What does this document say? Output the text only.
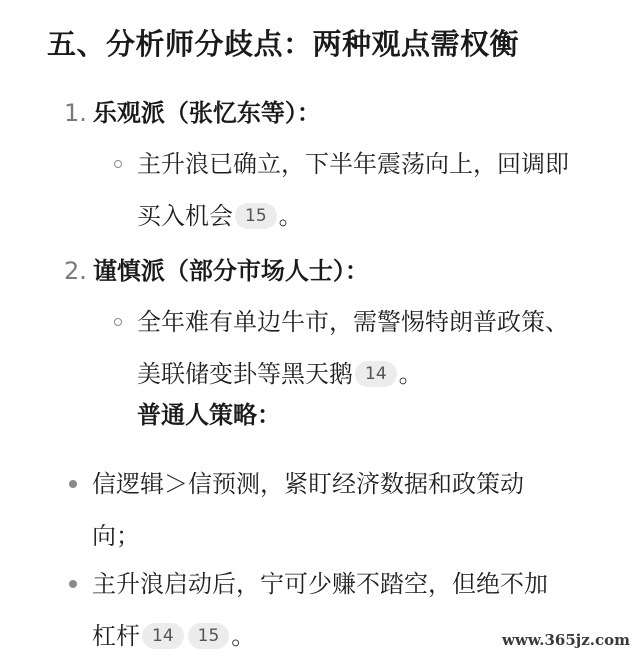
五、分析师分歧点：两种观点需权衡
1. 乐观派（张忆东等）：
主升浪已确立，下半年震荡向上，回调即
买入机会 15 。
2. 谨慎派（部分市场人士）：
全年难有单边牛市，需警惕特朗普政策、
美联储变卦等黑天鹅 14 。
普通人策略：
信逻辑＞信预测，紧盯经济数据和政策动
向；
主升浪启动后，宁可少赚不踏空，但绝不加
杠杆 14 15 。	www.365jz.com
